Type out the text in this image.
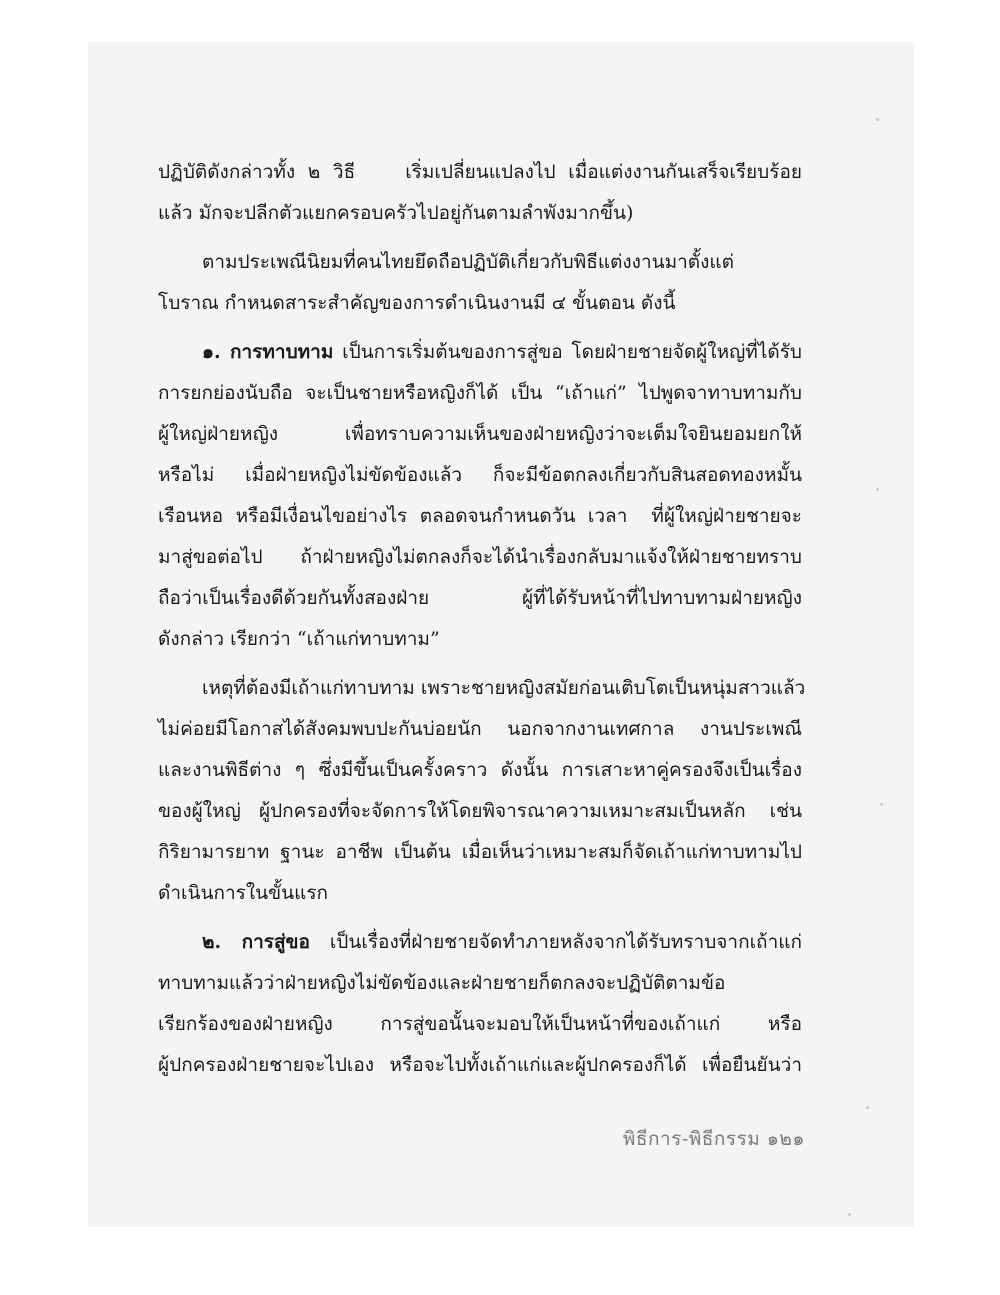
ปฏิบัติดังกล่าวทั้ง ๒ วิธี	เริ่มเปลี่ยนแปลงไป เมื่อแต่งงานกันเสร็จเรียบร้อย
แล้ว มักจะปลีกตัวแยกครอบครัวไปอยู่กันตามลำพังมากขึ้น)
ตามประเพณีนิยมที่คนไทยยึดถือปฏิบัติเกี่ยวกับพิธีแต่งงานมาตั้งแต่
โบราณ กำหนดสาระสำคัญของการดำเนินงานมี ๔ ขั้นตอน ดังนี้
๑. การทาบทาม เป็นการเริ่มต้นของการสู่ขอ โดยฝ่ายชายจัดผู้ใหญ่ที่ได้รับ
การยกย่องนับถือ จะเป็นชายหรือหญิงก็ได้ เป็น “เถ้าแก่” ไปพูดจาทาบทามกับ
ผู้ใหญ่ฝ่ายหญิง เพื่อทราบความเห็นของฝ่ายหญิงว่าจะเต็มใจยินยอมยกให้
หรือไม่ เมื่อฝ่ายหญิงไม่ขัดข้องแล้ว ก็จะมีข้อตกลงเกี่ยวกับสินสอดทองหมั้น
เรือนหอ หรือมีเงื่อนไขอย่างไร ตลอดจนกำหนดวัน เวลา ที่ผู้ใหญ่ฝ่ายชายจะ
มาสู่ขอต่อไป ถ้าฝ่ายหญิงไม่ตกลงก็จะได้นำเรื่องกลับมาแจ้งให้ฝ่ายชายทราบ
ถือว่าเป็นเรื่องดีด้วยกันทั้งสองฝ่าย ผู้ที่ได้รับหน้าที่ไปทาบทามฝ่ายหญิง
ดังกล่าว เรียกว่า “เถ้าแก่ทาบทาม”
เหตุที่ต้องมีเถ้าแก่ทาบทาม เพราะชายหญิงสมัยก่อนเติบโตเป็นหนุ่มสาวแล้ว
ไม่ค่อยมีโอกาสได้สังคมพบปะกันบ่อยนัก นอกจากงานเทศกาล งานประเพณี
และงานพิธีต่าง ๆ ซึ่งมีขึ้นเป็นครั้งคราว ดังนั้น การเสาะหาคู่ครองจึงเป็นเรื่อง
ของผู้ใหญ่ ผู้ปกครองที่จะจัดการให้โดยพิจารณาความเหมาะสมเป็นหลัก เช่น
กิริยามารยาท ฐานะ อาชีพ เป็นต้น เมื่อเห็นว่าเหมาะสมก็จัดเถ้าแก่ทาบทามไป
ดำเนินการในขั้นแรก
๒. การสู่ขอ เป็นเรื่องที่ฝ่ายชายจัดทำภายหลังจากได้รับทราบจากเถ้าแก่
ทาบทามแล้วว่าฝ่ายหญิงไม่ขัดข้องและฝ่ายชายก็ตกลงจะปฏิบัติตามข้อ
เรียกร้องของฝ่ายหญิง การสู่ขอนั้นจะมอบให้เป็นหน้าที่ของเถ้าแก่ หรือ
ผู้ปกครองฝ่ายชายจะไปเอง หรือจะไปทั้งเถ้าแก่และผู้ปกครองก็ได้ เพื่อยืนยันว่า
พิธีการ-พิธีกรรม ๑๒๑
